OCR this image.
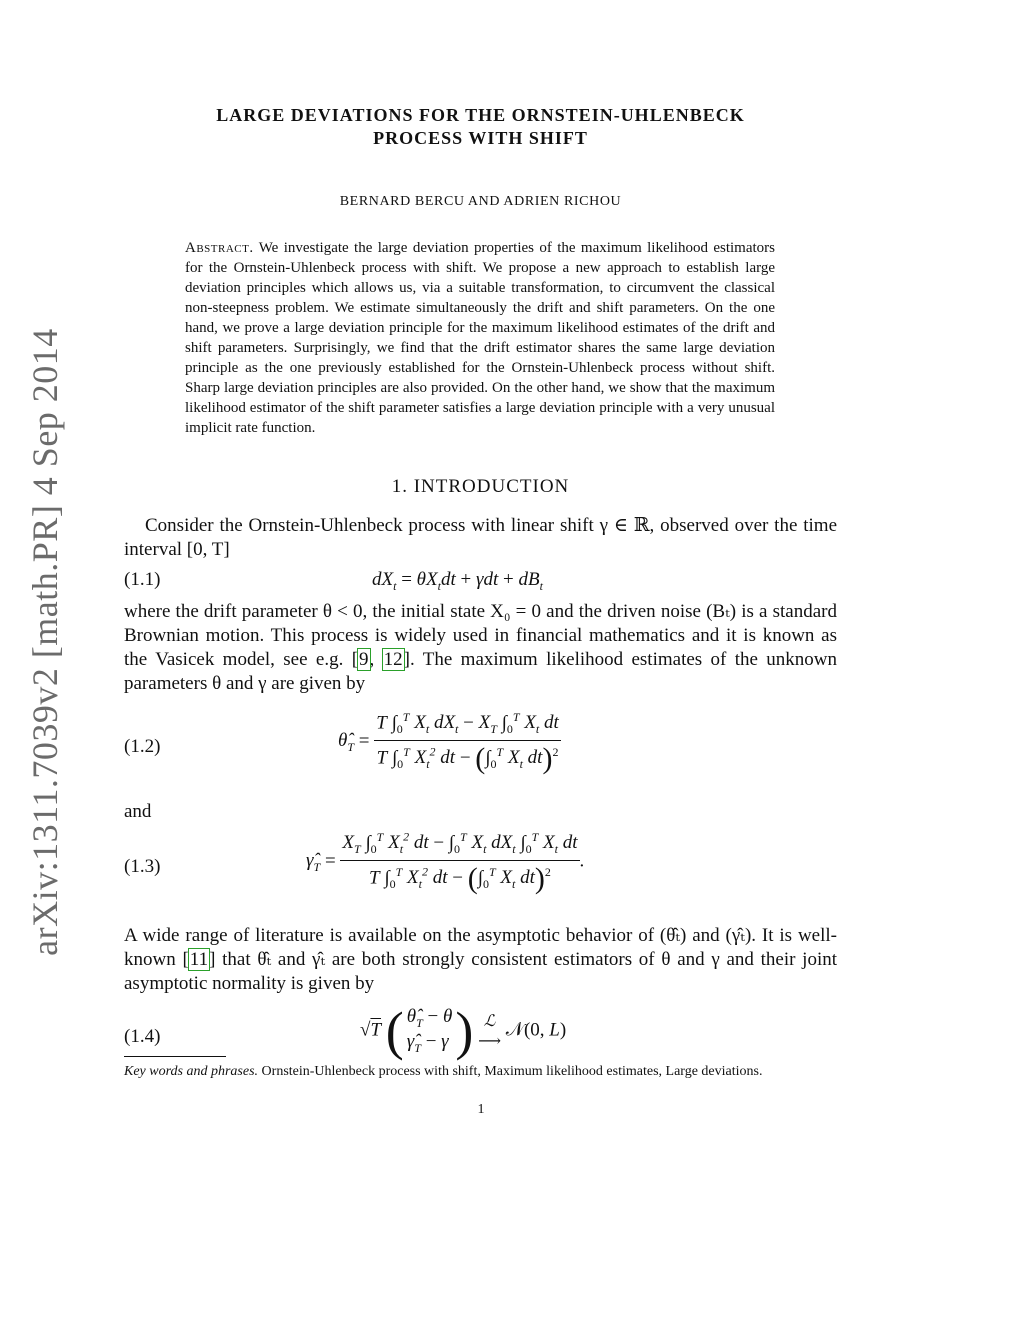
arXiv:1311.7039v2 [math.PR] 4 Sep 2014
LARGE DEVIATIONS FOR THE ORNSTEIN-UHLENBECK
PROCESS WITH SHIFT
BERNARD BERCU AND ADRIEN RICHOU
Abstract. We investigate the large deviation properties of the maximum likelihood estimators for the Ornstein-Uhlenbeck process with shift. We propose a new approach to establish large deviation principles which allows us, via a suitable transformation, to circumvent the classical non-steepness problem. We estimate simultaneously the drift and shift parameters. On the one hand, we prove a large deviation principle for the maximum likelihood estimates of the drift and shift parameters. Surprisingly, we find that the drift estimator shares the same large deviation principle as the one previously established for the Ornstein-Uhlenbeck process without shift. Sharp large deviation principles are also provided. On the other hand, we show that the maximum likelihood estimator of the shift parameter satisfies a large deviation principle with a very unusual implicit rate function.
1. INTRODUCTION

Consider the Ornstein-Uhlenbeck process with linear shift γ ∈ ℝ, observed over the time interval [0, T]

(1.1)	$dX_t = \theta X_tdt + \gamma dt + dB_t$

where the drift parameter θ < 0, the initial state X₀ = 0 and the driven noise (Bₜ) is a standard Brownian motion. This process is widely used in financial mathematics and it is known as the Vasicek model, see e.g. [9, 12]. The maximum likelihood estimates of the unknown parameters θ and γ are given by

(1.2)	$\thetâ_T = \frac{T \int_0^T X_t dX_t - X_T \int_0^T X_t dt}{T \int_0^T X_t^2 dt - (\int_0^T X_t dt)^2}$

and

(1.3)	$\gammâ_T = \frac{X_T \int_0^T X_t^2 dt - \int_0^T X_t dX_t \int_0^T X_t dt}{T \int_0^T X_t^2 dt - (\int_0^T X_t dt)^2}$ .

A wide range of literature is available on the asymptotic behavior of (θ̂ₜ) and (γ̂ₜ). It is well-known [11] that θ̂ₜ and γ̂ₜ are both strongly consistent estimators of θ and γ and their joint asymptotic normality is given by

(1.4)	√T ( $\thetâ_T - \theta$
$\gammâ_T - \gamma$ ) ℒ
⟶
𝒩(0, L)
Key words and phrases. Ornstein-Uhlenbeck process with shift, Maximum likelihood estimates, Large deviations.
1
